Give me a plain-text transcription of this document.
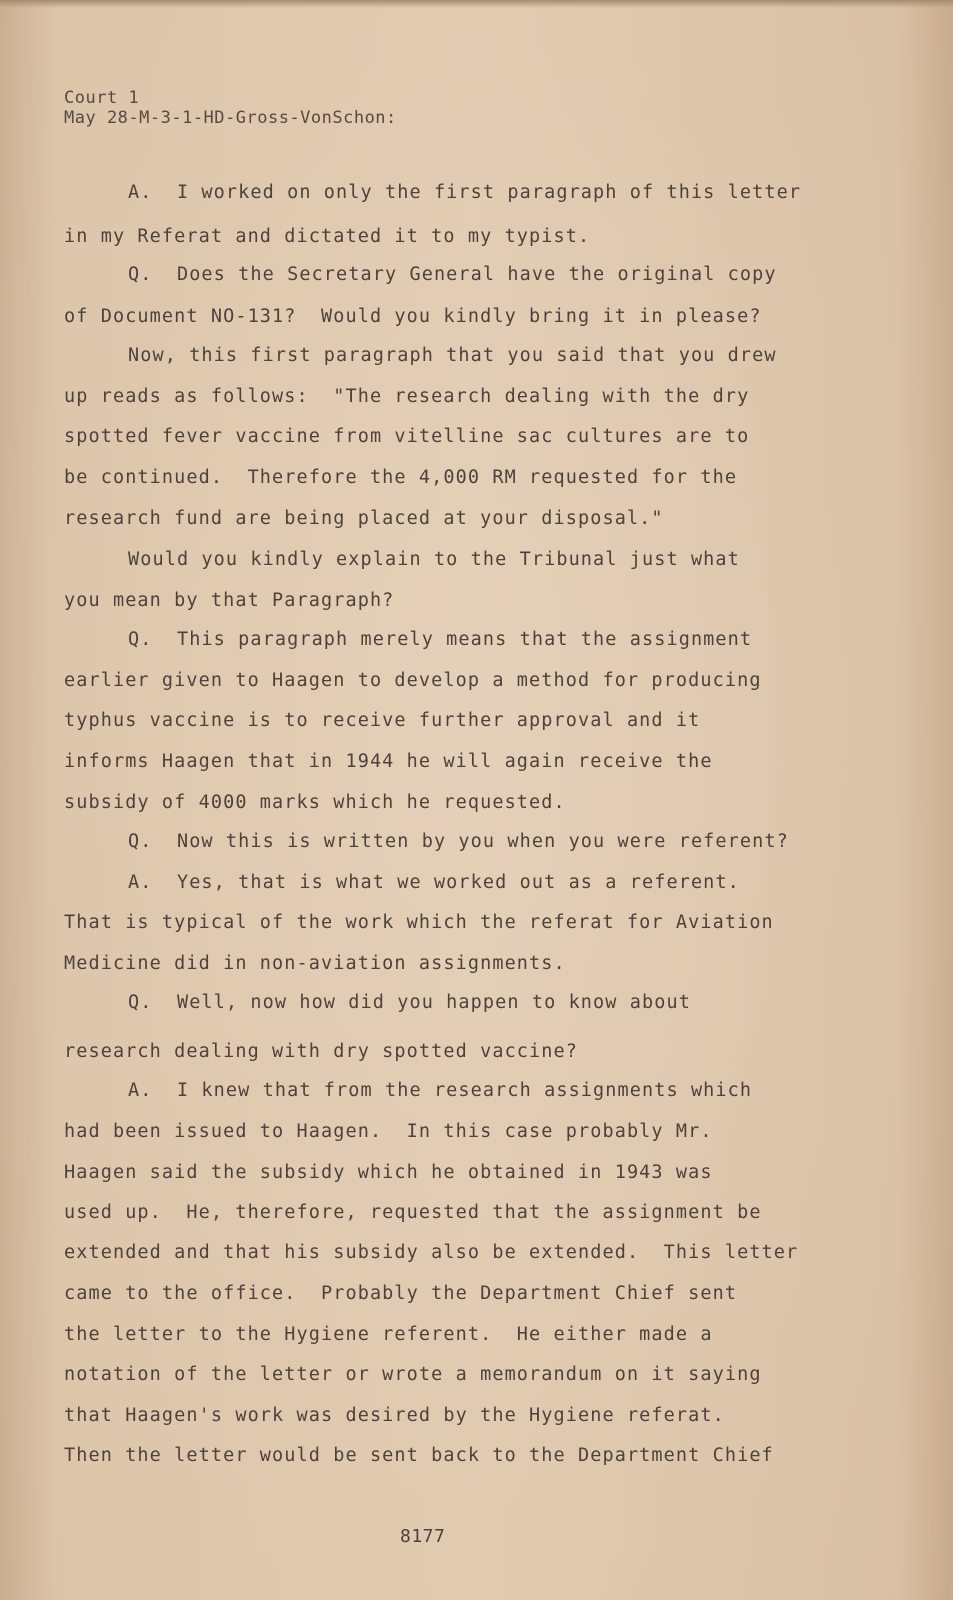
Court 1
May 28-M-3-1-HD-Gross-VonSchon:
A.  I worked on only the first paragraph of this letter
in my Referat and dictated it to my typist.
Q.  Does the Secretary General have the original copy
of Document NO-131?  Would you kindly bring it in please?
Now, this first paragraph that you said that you drew
up reads as follows:  "The research dealing with the dry
spotted fever vaccine from vitelline sac cultures are to
be continued.  Therefore the 4,000 RM requested for the
research fund are being placed at your disposal."
Would you kindly explain to the Tribunal just what
you mean by that Paragraph?
Q.  This paragraph merely means that the assignment
earlier given to Haagen to develop a method for producing
typhus vaccine is to receive further approval and it
informs Haagen that in 1944 he will again receive the
subsidy of 4000 marks which he requested.
Q.  Now this is written by you when you were referent?
A.  Yes, that is what we worked out as a referent.
That is typical of the work which the referat for Aviation
Medicine did in non-aviation assignments.
Q.  Well, now how did you happen to know about
research dealing with dry spotted vaccine?
A.  I knew that from the research assignments which
had been issued to Haagen.  In this case probably Mr.
Haagen said the subsidy which he obtained in 1943 was
used up.  He, therefore, requested that the assignment be
extended and that his subsidy also be extended.  This letter
came to the office.  Probably the Department Chief sent
the letter to the Hygiene referent.  He either made a
notation of the letter or wrote a memorandum on it saying
that Haagen's work was desired by the Hygiene referat.
Then the letter would be sent back to the Department Chief
8177
